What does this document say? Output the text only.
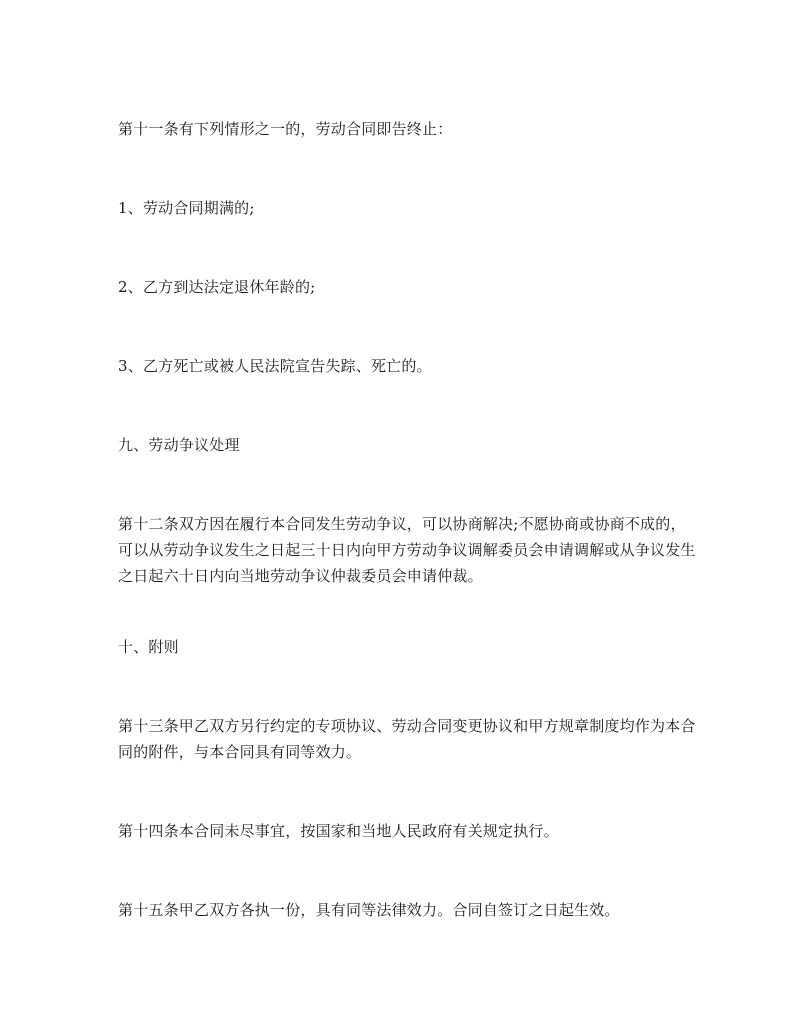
第十一条有下列情形之一的，劳动合同即告终止：

1、劳动合同期满的;

2、乙方到达法定退休年龄的;

3、乙方死亡或被人民法院宣告失踪、死亡的。

九、劳动争议处理

第十二条双方因在履行本合同发生劳动争议，可以协商解决;不愿协商或协商不成的，可以从劳动争议发生之日起三十日内向甲方劳动争议调解委员会申请调解或从争议发生之日起六十日内向当地劳动争议仲裁委员会申请仲裁。

十、附则

第十三条甲乙双方另行约定的专项协议、劳动合同变更协议和甲方规章制度均作为本合同的附件，与本合同具有同等效力。

第十四条本合同未尽事宜，按国家和当地人民政府有关规定执行。

第十五条甲乙双方各执一份，具有同等法律效力。合同自签订之日起生效。
